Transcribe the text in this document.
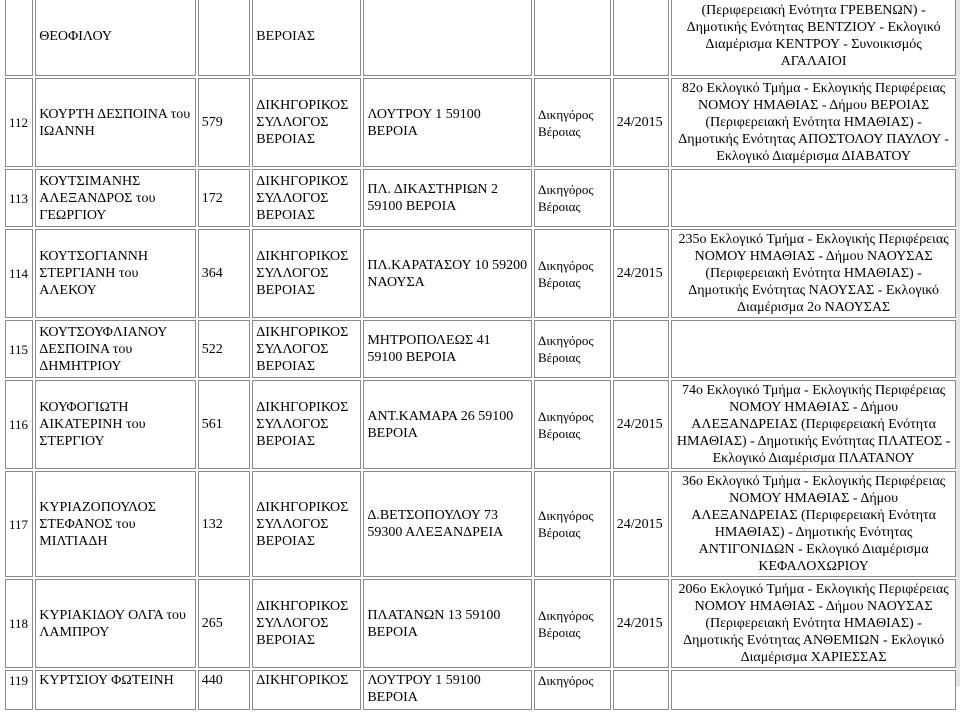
	ΘΕΟΦΙΛΟΥ		ΒΕΡΟΙΑΣ				(Περιφερειακή Ενότητα ΓΡΕΒΕΝΩΝ) - Δημοτικής Ενότητας ΒΕΝΤΖΙΟΥ - Εκλογικό Διαμέρισμα ΚΕΝΤΡΟΥ - Συνοικισμός ΑΓΑΛΑΙΟΙ
112	ΚΟΥΡΤΗ ΔΕΣΠΟΙΝΑ του ΙΩΑΝΝΗ	579	ΔΙΚΗΓΟΡΙΚΟΣ ΣΥΛΛΟΓΟΣ ΒΕΡΟΙΑΣ	ΛΟΥΤΡΟΥ 1 59100 ΒΕΡΟΙΑ	Δικηγόρος Βέροιας	24/2015	82ο Εκλογικό Τμήμα - Εκλογικής Περιφέρειας ΝΟΜΟΥ ΗΜΑΘΙΑΣ - Δήμου ΒΕΡΟΙΑΣ (Περιφερειακή Ενότητα ΗΜΑΘΙΑΣ) - Δημοτικής Ενότητας ΑΠΟΣΤΟΛΟΥ ΠΑΥΛΟΥ - Εκλογικό Διαμέρισμα ΔΙΑΒΑΤΟΥ
113	ΚΟΥΤΣΙΜΑΝΗΣ ΑΛΕΞΑΝΔΡΟΣ του ΓΕΩΡΓΙΟΥ	172	ΔΙΚΗΓΟΡΙΚΟΣ ΣΥΛΛΟΓΟΣ ΒΕΡΟΙΑΣ	ΠΛ. ΔΙΚΑΣΤΗΡΙΩΝ 2 59100 ΒΕΡΟΙΑ	Δικηγόρος Βέροιας		
114	ΚΟΥΤΣΟΓΙΑΝΝΗ ΣΤΕΡΓΙΑΝΗ του ΑΛΕΚΟΥ	364	ΔΙΚΗΓΟΡΙΚΟΣ ΣΥΛΛΟΓΟΣ ΒΕΡΟΙΑΣ	ΠΛ.ΚΑΡΑΤΑΣΟΥ 10 59200 ΝΑΟΥΣΑ	Δικηγόρος Βέροιας	24/2015	235ο Εκλογικό Τμήμα - Εκλογικής Περιφέρειας ΝΟΜΟΥ ΗΜΑΘΙΑΣ - Δήμου ΝΑΟΥΣΑΣ (Περιφερειακή Ενότητα ΗΜΑΘΙΑΣ) - Δημοτικής Ενότητας ΝΑΟΥΣΑΣ - Εκλογικό Διαμέρισμα 2ο ΝΑΟΥΣΑΣ
115	ΚΟΥΤΣΟΥΦΛΙΑΝΟΥ ΔΕΣΠΟΙΝΑ του ΔΗΜΗΤΡΙΟΥ	522	ΔΙΚΗΓΟΡΙΚΟΣ ΣΥΛΛΟΓΟΣ ΒΕΡΟΙΑΣ	ΜΗΤΡΟΠΟΛΕΩΣ 41 59100 ΒΕΡΟΙΑ	Δικηγόρος Βέροιας		
116	ΚΟΥΦΟΓΙΩΤΗ ΑΙΚΑΤΕΡΙΝΗ του ΣΤΕΡΓΙΟΥ	561	ΔΙΚΗΓΟΡΙΚΟΣ ΣΥΛΛΟΓΟΣ ΒΕΡΟΙΑΣ	ΑΝΤ.ΚΑΜΑΡΑ 26 59100 ΒΕΡΟΙΑ	Δικηγόρος Βέροιας	24/2015	74ο Εκλογικό Τμήμα - Εκλογικής Περιφέρειας ΝΟΜΟΥ ΗΜΑΘΙΑΣ - Δήμου ΑΛΕΞΑΝΔΡΕΙΑΣ (Περιφερειακή Ενότητα ΗΜΑΘΙΑΣ) - Δημοτικής Ενότητας ΠΛΑΤΕΟΣ - Εκλογικό Διαμέρισμα ΠΛΑΤΑΝΟΥ
117	ΚΥΡΙΑΖΟΠΟΥΛΟΣ ΣΤΕΦΑΝΟΣ του ΜΙΛΤΙΑΔΗ	132	ΔΙΚΗΓΟΡΙΚΟΣ ΣΥΛΛΟΓΟΣ ΒΕΡΟΙΑΣ	Δ.ΒΕΤΣΟΠΟΥΛΟΥ 73 59300 ΑΛΕΞΑΝΔΡΕΙΑ	Δικηγόρος Βέροιας	24/2015	36ο Εκλογικό Τμήμα - Εκλογικής Περιφέρειας ΝΟΜΟΥ ΗΜΑΘΙΑΣ - Δήμου ΑΛΕΞΑΝΔΡΕΙΑΣ (Περιφερειακή Ενότητα ΗΜΑΘΙΑΣ) - Δημοτικής Ενότητας ΑΝΤΙΓΟΝΙΔΩΝ - Εκλογικό Διαμέρισμα ΚΕΦΑΛΟΧΩΡΙΟΥ
118	ΚΥΡΙΑΚΙΔΟΥ ΟΛΓΑ του ΛΑΜΠΡΟΥ	265	ΔΙΚΗΓΟΡΙΚΟΣ ΣΥΛΛΟΓΟΣ ΒΕΡΟΙΑΣ	ΠΛΑΤΑΝΩΝ 13 59100 ΒΕΡΟΙΑ	Δικηγόρος Βέροιας	24/2015	206ο Εκλογικό Τμήμα - Εκλογικής Περιφέρειας ΝΟΜΟΥ ΗΜΑΘΙΑΣ - Δήμου ΝΑΟΥΣΑΣ (Περιφερειακή Ενότητα ΗΜΑΘΙΑΣ) - Δημοτικής Ενότητας ΑΝΘΕΜΙΩΝ - Εκλογικό Διαμέρισμα ΧΑΡΙΕΣΣΑΣ
119	ΚΥΡΤΣΙΟΥ ΦΩΤΕΙΝΗ	440	ΔΙΚΗΓΟΡΙΚΟΣ	ΛΟΥΤΡΟΥ 1 59100 ΒΕΡΟΙΑ	Δικηγόρος		
